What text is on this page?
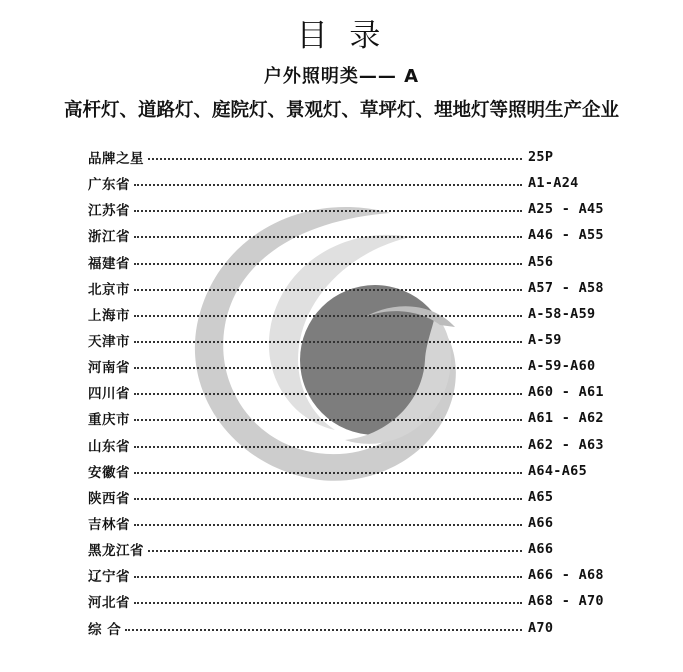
目 录
户外照明类—— A
高杆灯、道路灯、庭院灯、景观灯、草坪灯、埋地灯等照明生产企业
品牌之星	25P
广东省	A1-A24
江苏省	A25 - A45
浙江省	A46 - A55
福建省	A56
北京市	A57 - A58
上海市	A-58-A59
天津市	A-59
河南省	A-59-A60
四川省	A60 - A61
重庆市	A61 - A62
山东省	A62 - A63
安徽省	A64-A65
陕西省	A65
吉林省	A66
黑龙江省	A66
辽宁省	A66 - A68
河北省	A68 - A70
综 合	A70
